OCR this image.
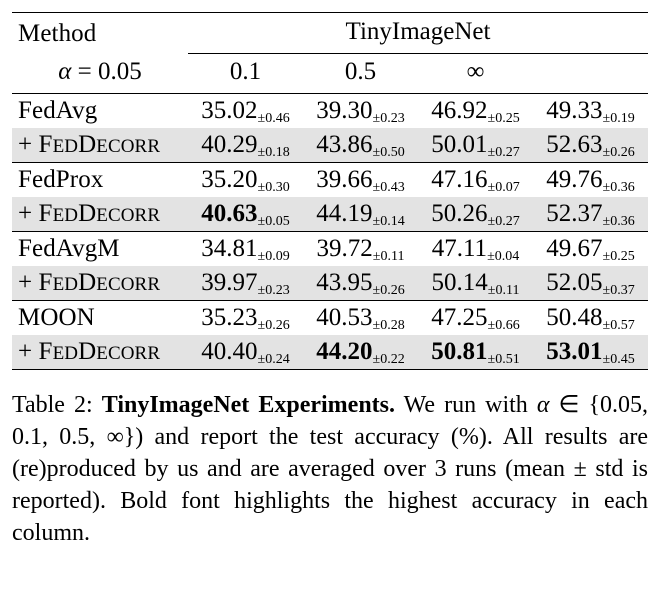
Method	TinyImageNet			

α = 0.05	0.1	0.5	∞	

FedAvg	35.02±0.46	39.30±0.23	46.92±0.25	49.33±0.19
+ FEDDECORR	40.29±0.18	43.86±0.50	50.01±0.27	52.63±0.26

FedProx	35.20±0.30	39.66±0.43	47.16±0.07	49.76±0.36
+ FEDDECORR	40.63±0.05	44.19±0.14	50.26±0.27	52.37±0.36

FedAvgM	34.81±0.09	39.72±0.11	47.11±0.04	49.67±0.25
+ FEDDECORR	39.97±0.23	43.95±0.26	50.14±0.11	52.05±0.37

MOON	35.23±0.26	40.53±0.28	47.25±0.66	50.48±0.57
+ FEDDECORR	40.40±0.24	44.20±0.22	50.81±0.51	53.01±0.45

Table 2: TinyImageNet Experiments. We run with α ∈ {0.05, 0.1, 0.5, ∞}) and report the test accuracy (%). All results are (re)produced by us and are averaged over 3 runs (mean ± std is reported). Bold font highlights the highest accuracy in each column.
